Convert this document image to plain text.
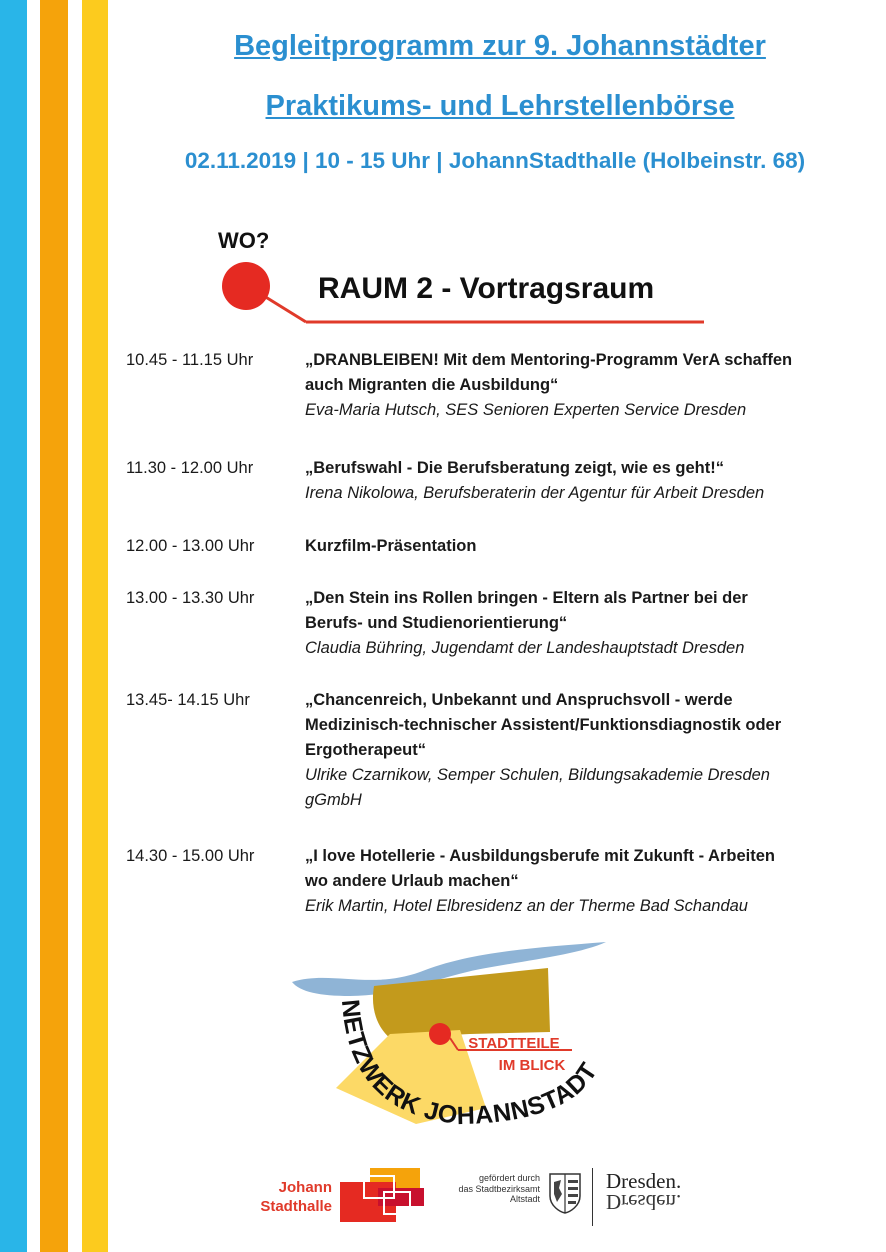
Begleitprogramm zur 9. Johannstädter
Praktikums- und Lehrstellenbörse
02.11.2019 | 10 - 15 Uhr | JohannStadthalle (Holbeinstr. 68)
WO?
RAUM 2 - Vortragsraum
10.45 - 11.15 Uhr	„DRANBLEIBEN! Mit dem Mentoring-Programm VerA schaffen
auch Migranten die Ausbildung“
Eva-Maria Hutsch, SES Senioren Experten Service Dresden
11.30 - 12.00 Uhr	„Berufswahl - Die Berufsberatung zeigt, wie es geht!“
Irena Nikolowa, Berufsberaterin der Agentur für Arbeit Dresden
12.00 - 13.00 Uhr	Kurzfilm-Präsentation
13.00 - 13.30 Uhr	„Den Stein ins Rollen bringen - Eltern als Partner bei der
Berufs- und Studienorientierung“
Claudia Bühring, Jugendamt der Landeshauptstadt Dresden
13.45- 14.15 Uhr	„Chancenreich, Unbekannt und Anspruchsvoll - werde
Medizinisch-technischer Assistent/Funktionsdiagnostik oder
Ergotherapeut“
Ulrike Czarnikow, Semper Schulen, Bildungsakademie Dresden
gGmbH
14.30 - 15.00 Uhr	„I love Hotellerie - Ausbildungsberufe mit Zukunft - Arbeiten
wo andere Urlaub machen“
Erik Martin, Hotel Elbresidenz an der Therme Bad Schandau
STADTTEILE
IM BLICK
NETZWERK JOHANNSTADT
Johann
Stadthalle
gefördert durch
das Stadtbezirksamt
Altstadt
Dresden.
Dresden.
